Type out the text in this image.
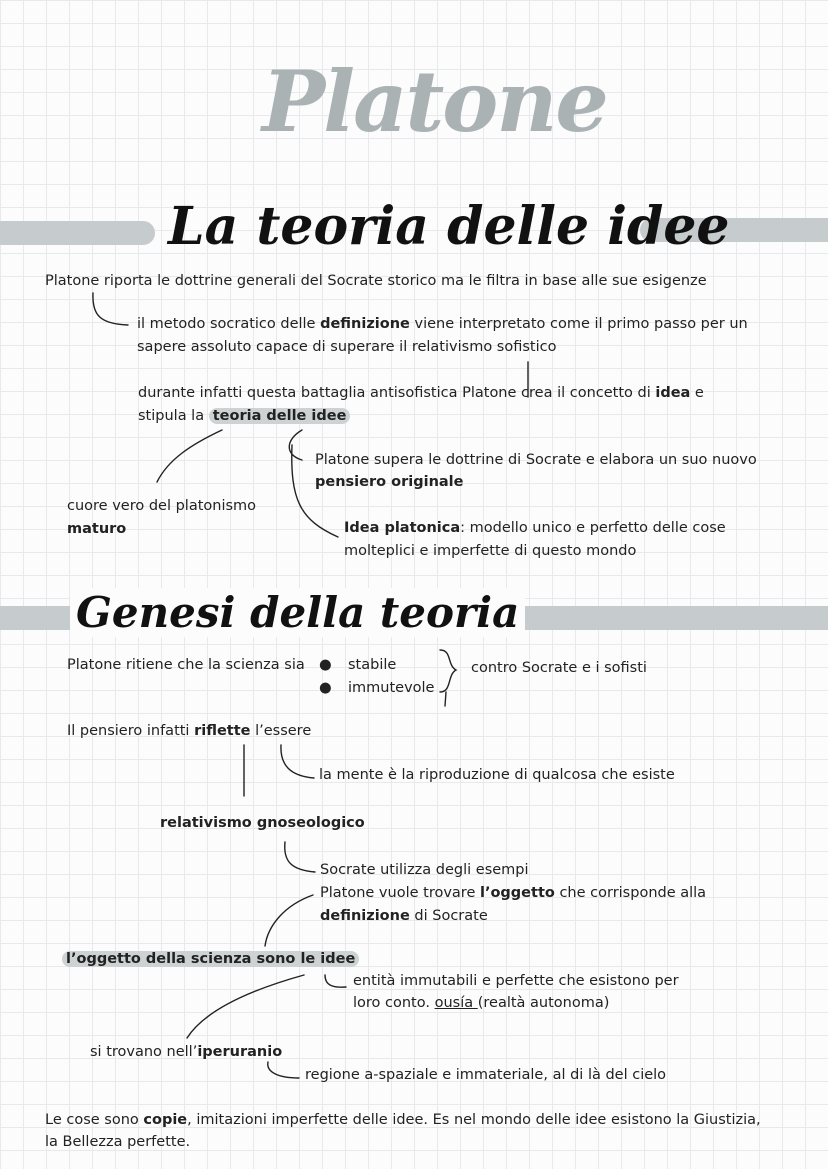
Platone
La teoria delle idee
Platone riporta le dottrine generali del Socrate storico ma le filtra in base alle sue esigenze
il metodo socratico delle definizione viene interpretato come il primo passo per un
sapere assoluto capace di superare il relativismo sofistico
durante infatti questa battaglia antisofistica Platone crea il concetto di idea e
stipula la teoria delle idee
Platone supera le dottrine di Socrate e elabora un suo nuovo
pensiero originale
cuore vero del platonismo
maturo	Idea platonica: modello unico e perfetto delle cose
molteplici e imperfette di questo mondo
Genesi della teoria
Platone ritiene che la scienza sia ● stabile
● immutevole
contro Socrate e i sofisti
Il pensiero infatti riflette l’essere
la mente è la riproduzione di qualcosa che esiste
relativismo gnoseologico
Socrate utilizza degli esempi
Platone vuole trovare l’oggetto che corrisponde alla
definizione di Socrate
l’oggetto della scienza sono le idee
entità immutabili e perfette che esistono per
loro conto. ousía (realtà autonoma)
si trovano nell’iperuranio
regione a-spaziale e immateriale, al di là del cielo
Le cose sono copie, imitazioni imperfette delle idee. Es nel mondo delle idee esistono la Giustizia,
la Bellezza perfette.
